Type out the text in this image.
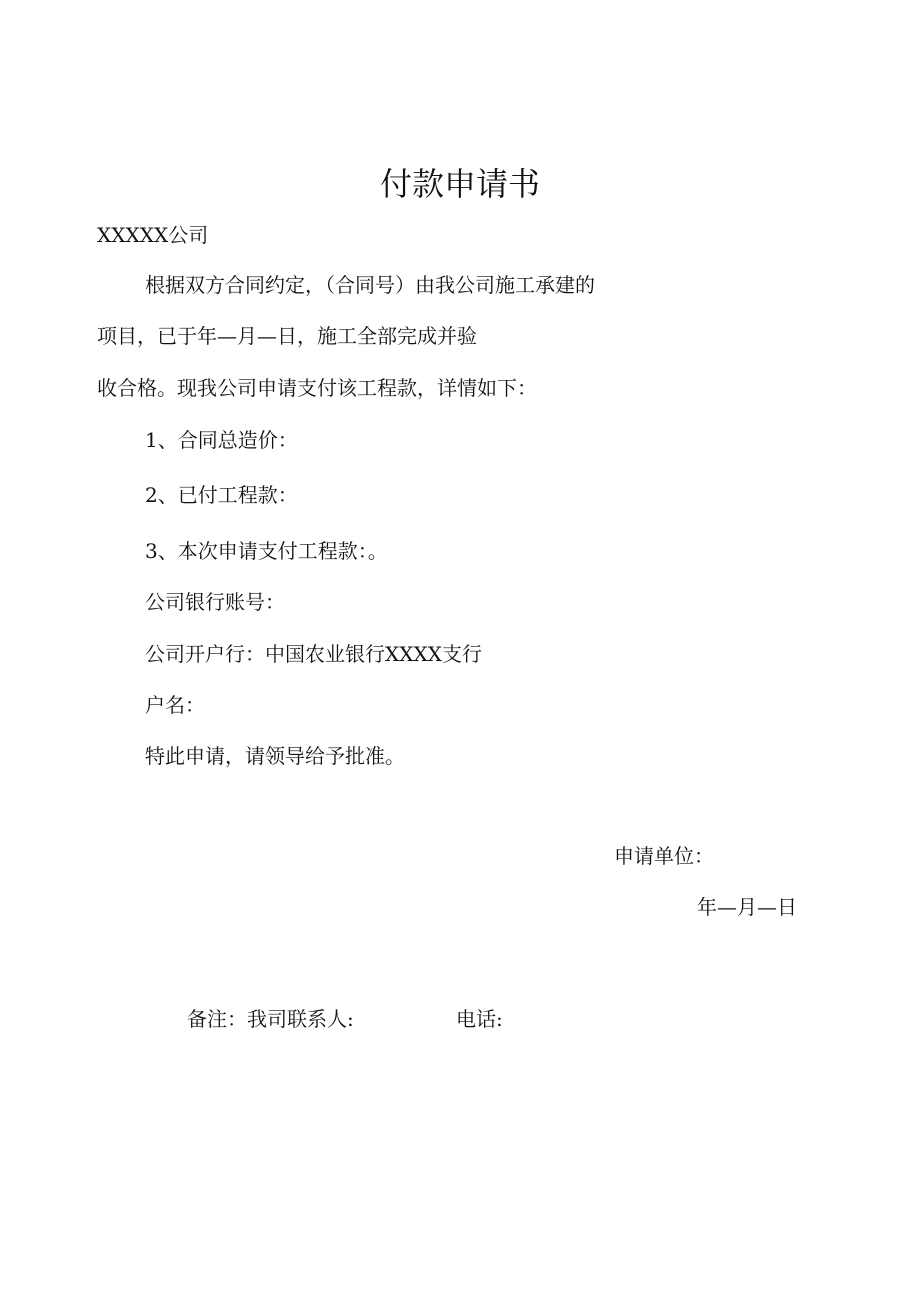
付款申请书
XXXXX公司
根据双方合同约定，（合同号）由我公司施工承建的
项目，已于年—月—日，施工全部完成并验
收合格。现我公司申请支付该工程款，详情如下：
1、合同总造价：
2、已付工程款：
3、本次申请支付工程款：。
公司银行账号：
公司开户行：中国农业银行XXXX支行
户名：
特此申请，请领导给予批准。
申请单位：
年—月—日
备注：我司联系人:	电话:
